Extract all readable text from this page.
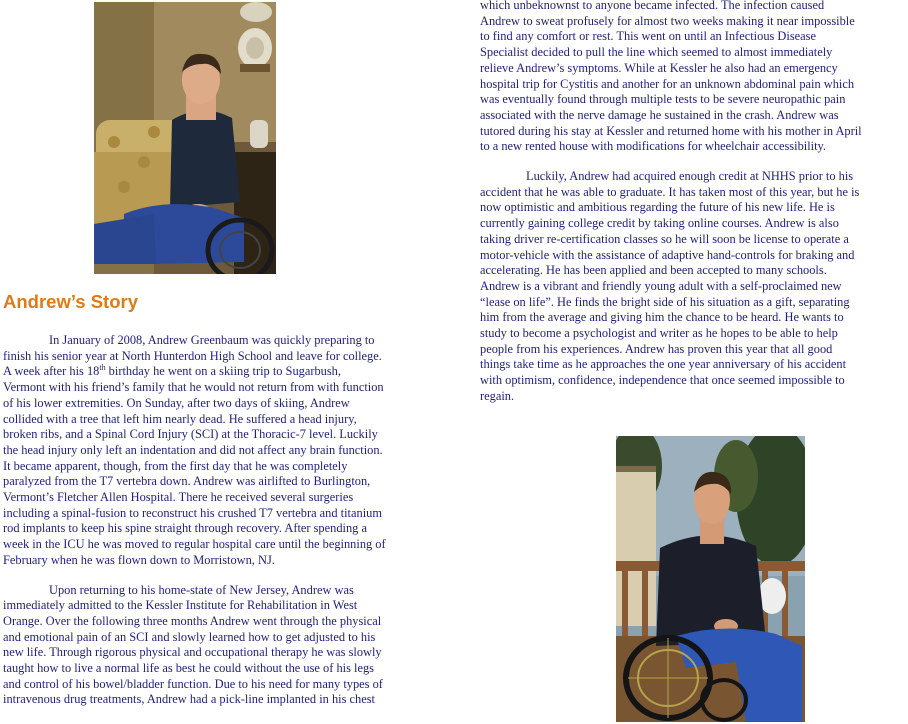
Andrew’s Story

In January of 2008, Andrew Greenbaum was quickly preparing to
finish his senior year at North Hunterdon High School and leave for college.
A week after his 18th birthday he went on a skiing trip to Sugarbush,
Vermont with his friend’s family that he would not return from with function
of his lower extremities. On Sunday, after two days of skiing, Andrew
collided with a tree that left him nearly dead. He suffered a head injury,
broken ribs, and a Spinal Cord Injury (SCI) at the Thoracic-7 level. Luckily
the head injury only left an indentation and did not affect any brain function.
It became apparent, though, from the first day that he was completely
paralyzed from the T7 vertebra down. Andrew was airlifted to Burlington,
Vermont’s Fletcher Allen Hospital. There he received several surgeries
including a spinal-fusion to reconstruct his crushed T7 vertebra and titanium
rod implants to keep his spine straight through recovery. After spending a
week in the ICU he was moved to regular hospital care until the beginning of
February when he was flown down to Morristown, NJ.

Upon returning to his home-state of New Jersey, Andrew was
immediately admitted to the Kessler Institute for Rehabilitation in West
Orange. Over the following three months Andrew went through the physical
and emotional pain of an SCI and slowly learned how to get adjusted to his
new life. Through rigorous physical and occupational therapy he was slowly
taught how to live a normal life as best he could without the use of his legs
and control of his bowel/bladder function. Due to his need for many types of
intravenous drug treatments, Andrew had a pick-line implanted in his chest

which unbeknownst to anyone became infected. The infection caused
Andrew to sweat profusely for almost two weeks making it near impossible
to find any comfort or rest. This went on until an Infectious Disease
Specialist decided to pull the line which seemed to almost immediately
relieve Andrew’s symptoms. While at Kessler he also had an emergency
hospital trip for Cystitis and another for an unknown abdominal pain which
was eventually found through multiple tests to be severe neuropathic pain
associated with the nerve damage he sustained in the crash. Andrew was
tutored during his stay at Kessler and returned home with his mother in April
to a new rented house with modifications for wheelchair accessibility.

Luckily, Andrew had acquired enough credit at NHHS prior to his
accident that he was able to graduate. It has taken most of this year, but he is
now optimistic and ambitious regarding the future of his new life. He is
currently gaining college credit by taking online courses. Andrew is also
taking driver re-certification classes so he will soon be license to operate a
motor-vehicle with the assistance of adaptive hand-controls for braking and
accelerating. He has been applied and been accepted to many schools.
Andrew is a vibrant and friendly young adult with a self-proclaimed new
“lease on life”. He finds the bright side of his situation as a gift, separating
him from the average and giving him the chance to be heard. He wants to
study to become a psychologist and writer as he hopes to be able to help
people from his experiences. Andrew has proven this year that all good
things take time as he approaches the one year anniversary of his accident
with optimism, confidence, independence that once seemed impossible to
regain.
